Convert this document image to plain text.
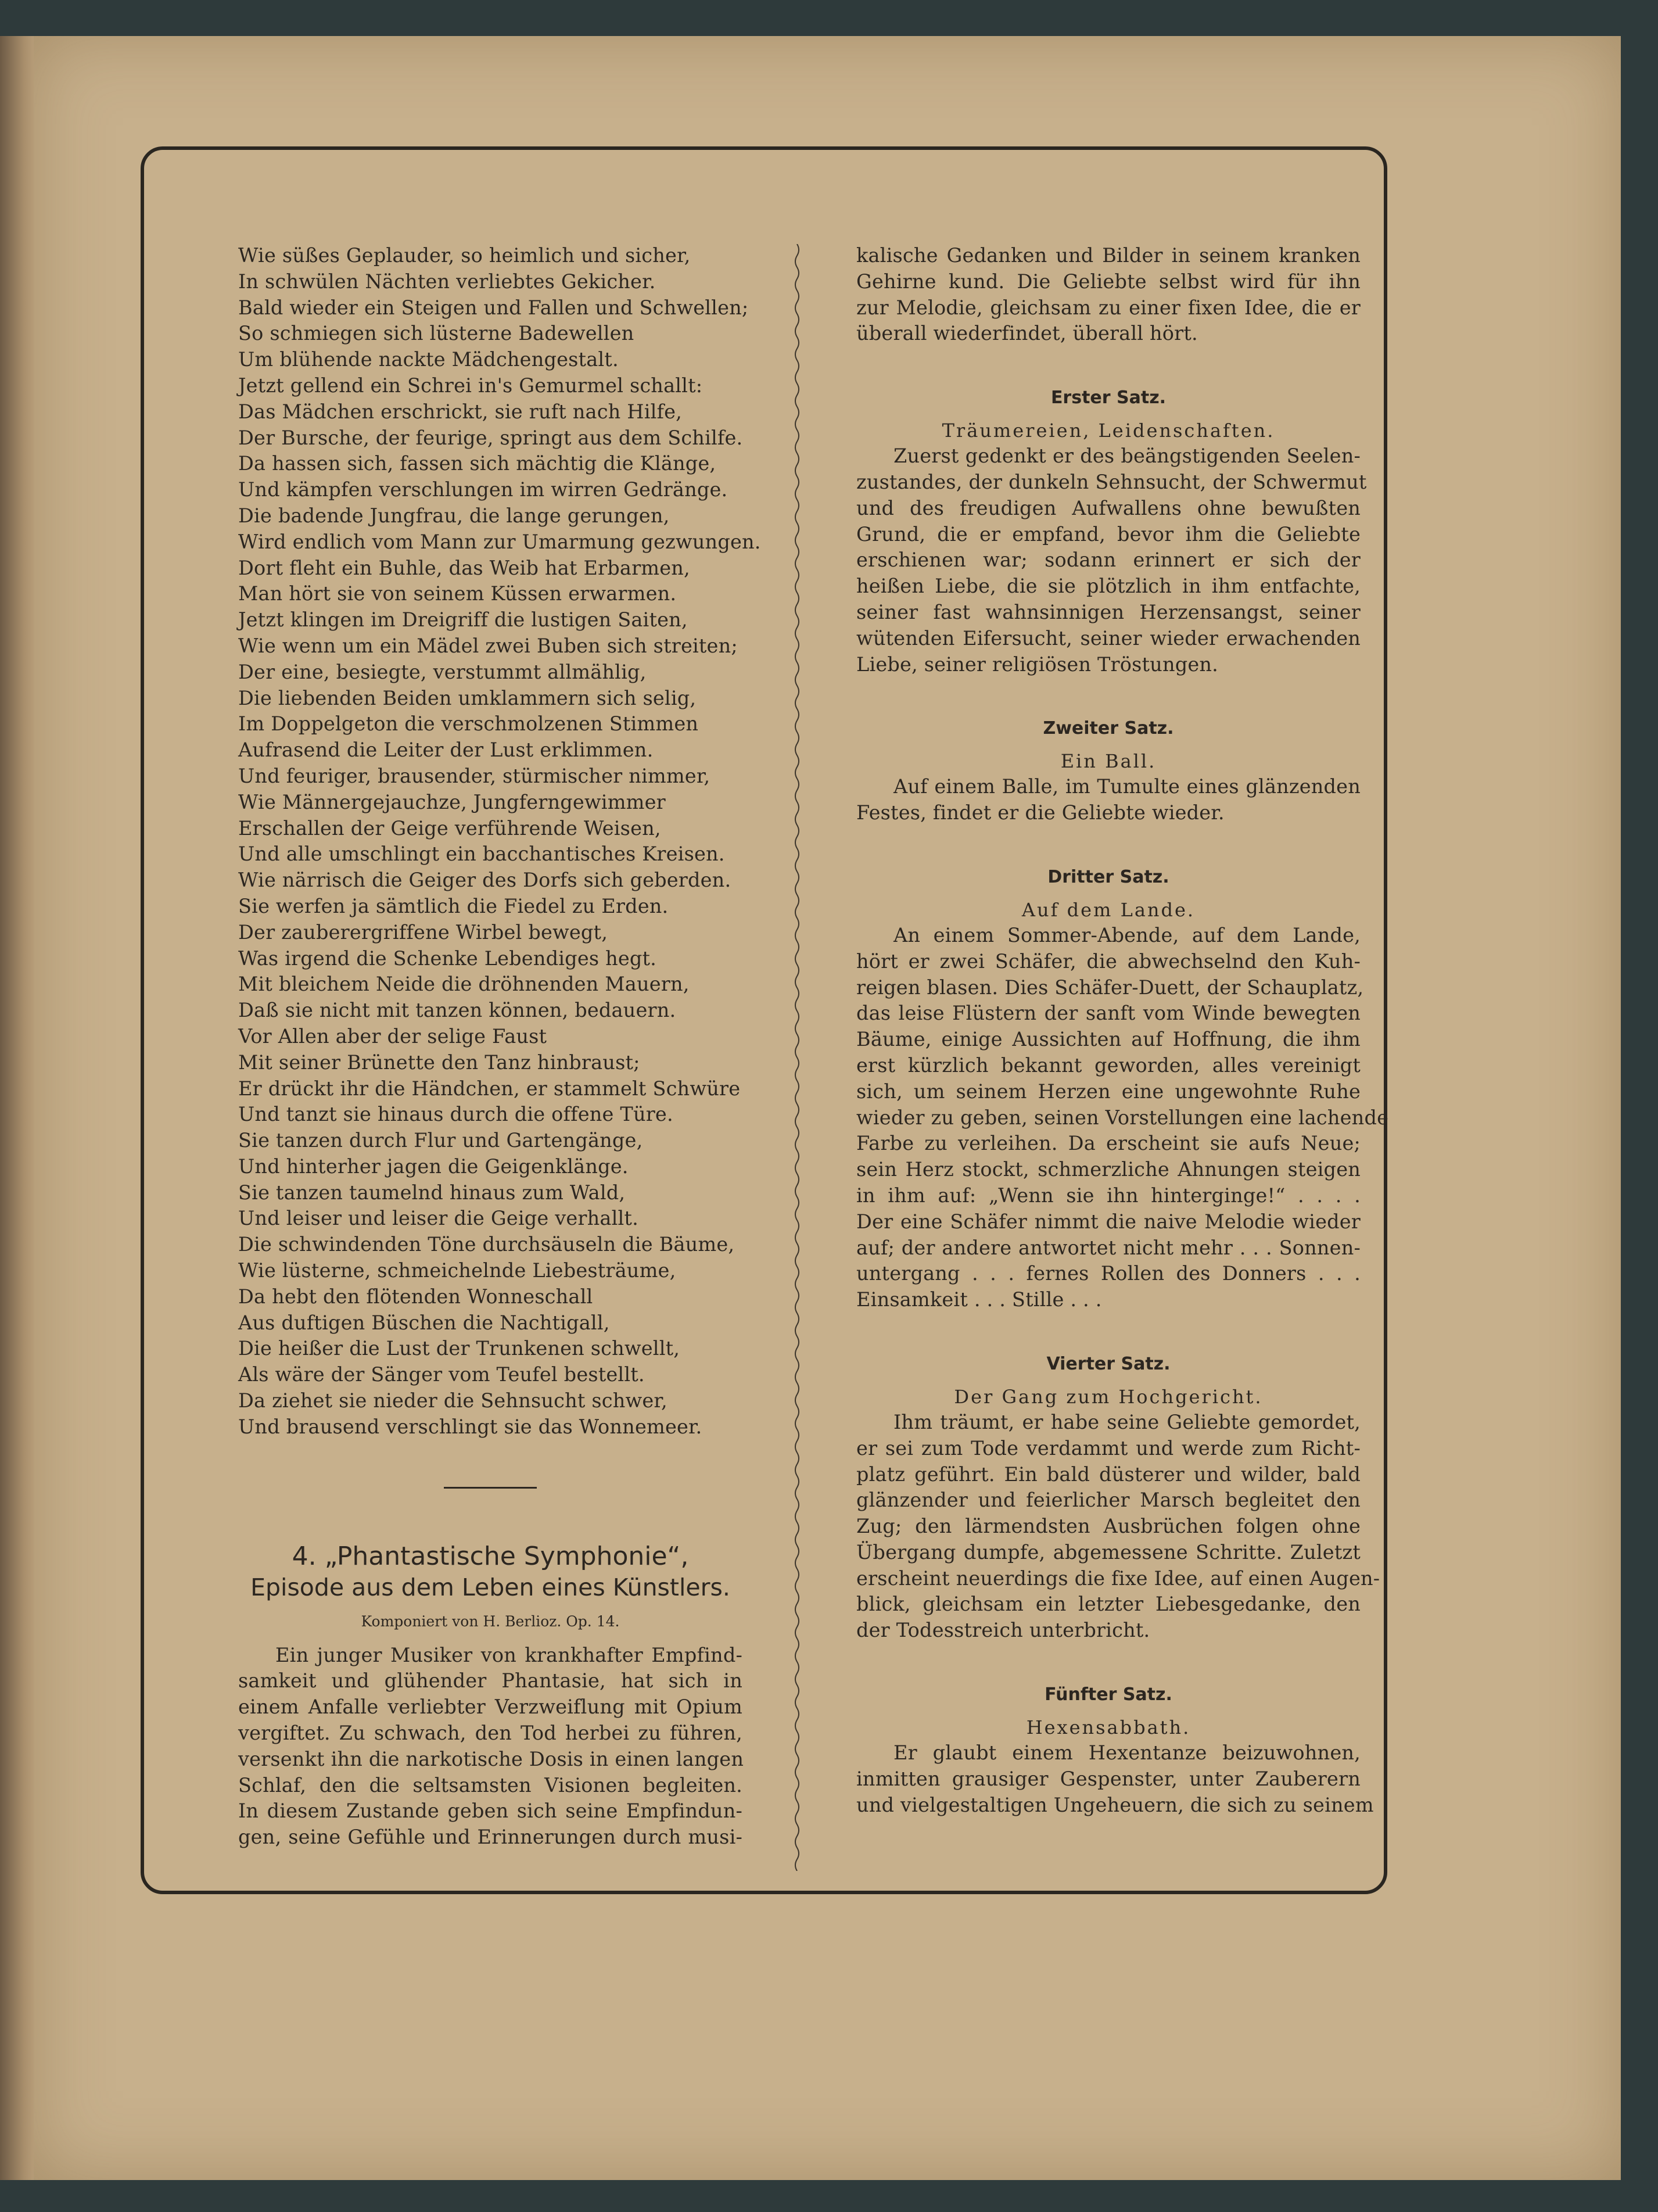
Wie süßes Geplauder, so heimlich und sicher,
In schwülen Nächten verliebtes Gekicher.
Bald wieder ein Steigen und Fallen und Schwellen;
So schmiegen sich lüsterne Badewellen
Um blühende nackte Mädchengestalt.
Jetzt gellend ein Schrei in's Gemurmel schallt:
Das Mädchen erschrickt, sie ruft nach Hilfe,
Der Bursche, der feurige, springt aus dem Schilfe.
Da hassen sich, fassen sich mächtig die Klänge,
Und kämpfen verschlungen im wirren Gedränge.
Die badende Jungfrau, die lange gerungen,
Wird endlich vom Mann zur Umarmung gezwungen.
Dort fleht ein Buhle, das Weib hat Erbarmen,
Man hört sie von seinem Küssen erwarmen.
Jetzt klingen im Dreigriff die lustigen Saiten,
Wie wenn um ein Mädel zwei Buben sich streiten;
Der eine, besiegte, verstummt allmählig,
Die liebenden Beiden umklammern sich selig,
Im Doppelgeton die verschmolzenen Stimmen
Aufrasend die Leiter der Lust erklimmen.
Und feuriger, brausender, stürmischer nimmer,
Wie Männergejauchze, Jungferngewimmer
Erschallen der Geige verführende Weisen,
Und alle umschlingt ein bacchantisches Kreisen.
Wie närrisch die Geiger des Dorfs sich geberden.
Sie werfen ja sämtlich die Fiedel zu Erden.
Der zauberergriffene Wirbel bewegt,
Was irgend die Schenke Lebendiges hegt.
Mit bleichem Neide die dröhnenden Mauern,
Daß sie nicht mit tanzen können, bedauern.
Vor Allen aber der selige Faust
Mit seiner Brünette den Tanz hinbraust;
Er drückt ihr die Händchen, er stammelt Schwüre
Und tanzt sie hinaus durch die offene Türe.
Sie tanzen durch Flur und Gartengänge,
Und hinterher jagen die Geigenklänge.
Sie tanzen taumelnd hinaus zum Wald,
Und leiser und leiser die Geige verhallt.
Die schwindenden Töne durchsäuseln die Bäume,
Wie lüsterne, schmeichelnde Liebesträume,
Da hebt den flötenden Wonneschall
Aus duftigen Büschen die Nachtigall,
Die heißer die Lust der Trunkenen schwellt,
Als wäre der Sänger vom Teufel bestellt.
Da ziehet sie nieder die Sehnsucht schwer,
Und brausend verschlingt sie das Wonnemeer.
4. „Phantastische Symphonie“,
Episode aus dem Leben eines Künstlers.
Komponiert von H. Berlioz. Op. 14.
Ein junger Musiker von krankhafter Empfind-
samkeit und glühender Phantasie, hat sich in
einem Anfalle verliebter Verzweiflung mit Opium
vergiftet. Zu schwach, den Tod herbei zu führen,
versenkt ihn die narkotische Dosis in einen langen
Schlaf, den die seltsamsten Visionen begleiten.
In diesem Zustande geben sich seine Empfindun-
gen, seine Gefühle und Erinnerungen durch musi-
kalische Gedanken und Bilder in seinem kranken
Gehirne kund. Die Geliebte selbst wird für ihn
zur Melodie, gleichsam zu einer fixen Idee, die er
überall wiederfindet, überall hört.
Erster Satz.
Träumereien, Leidenschaften.
Zuerst gedenkt er des beängstigenden Seelen-
zustandes, der dunkeln Sehnsucht, der Schwermut
und des freudigen Aufwallens ohne bewußten
Grund, die er empfand, bevor ihm die Geliebte
erschienen war; sodann erinnert er sich der
heißen Liebe, die sie plötzlich in ihm entfachte,
seiner fast wahnsinnigen Herzensangst, seiner
wütenden Eifersucht, seiner wieder erwachenden
Liebe, seiner religiösen Tröstungen.
Zweiter Satz.
Ein Ball.
Auf einem Balle, im Tumulte eines glänzenden
Festes, findet er die Geliebte wieder.
Dritter Satz.
Auf dem Lande.
An einem Sommer-Abende, auf dem Lande,
hört er zwei Schäfer, die abwechselnd den Kuh-
reigen blasen. Dies Schäfer-Duett, der Schauplatz,
das leise Flüstern der sanft vom Winde bewegten
Bäume, einige Aussichten auf Hoffnung, die ihm
erst kürzlich bekannt geworden, alles vereinigt
sich, um seinem Herzen eine ungewohnte Ruhe
wieder zu geben, seinen Vorstellungen eine lachende
Farbe zu verleihen. Da erscheint sie aufs Neue;
sein Herz stockt, schmerzliche Ahnungen steigen
in ihm auf: „Wenn sie ihn hinterginge!“ . . . .
Der eine Schäfer nimmt die naive Melodie wieder
auf; der andere antwortet nicht mehr . . . Sonnen-
untergang . . . fernes Rollen des Donners . . .
Einsamkeit . . . Stille . . .
Vierter Satz.
Der Gang zum Hochgericht.
Ihm träumt, er habe seine Geliebte gemordet,
er sei zum Tode verdammt und werde zum Richt-
platz geführt. Ein bald düsterer und wilder, bald
glänzender und feierlicher Marsch begleitet den
Zug; den lärmendsten Ausbrüchen folgen ohne
Übergang dumpfe, abgemessene Schritte. Zuletzt
erscheint neuerdings die fixe Idee, auf einen Augen-
blick, gleichsam ein letzter Liebesgedanke, den
der Todesstreich unterbricht.
Fünfter Satz.
Hexensabbath.
Er glaubt einem Hexentanze beizuwohnen,
inmitten grausiger Gespenster, unter Zauberern
und vielgestaltigen Ungeheuern, die sich zu seinem
